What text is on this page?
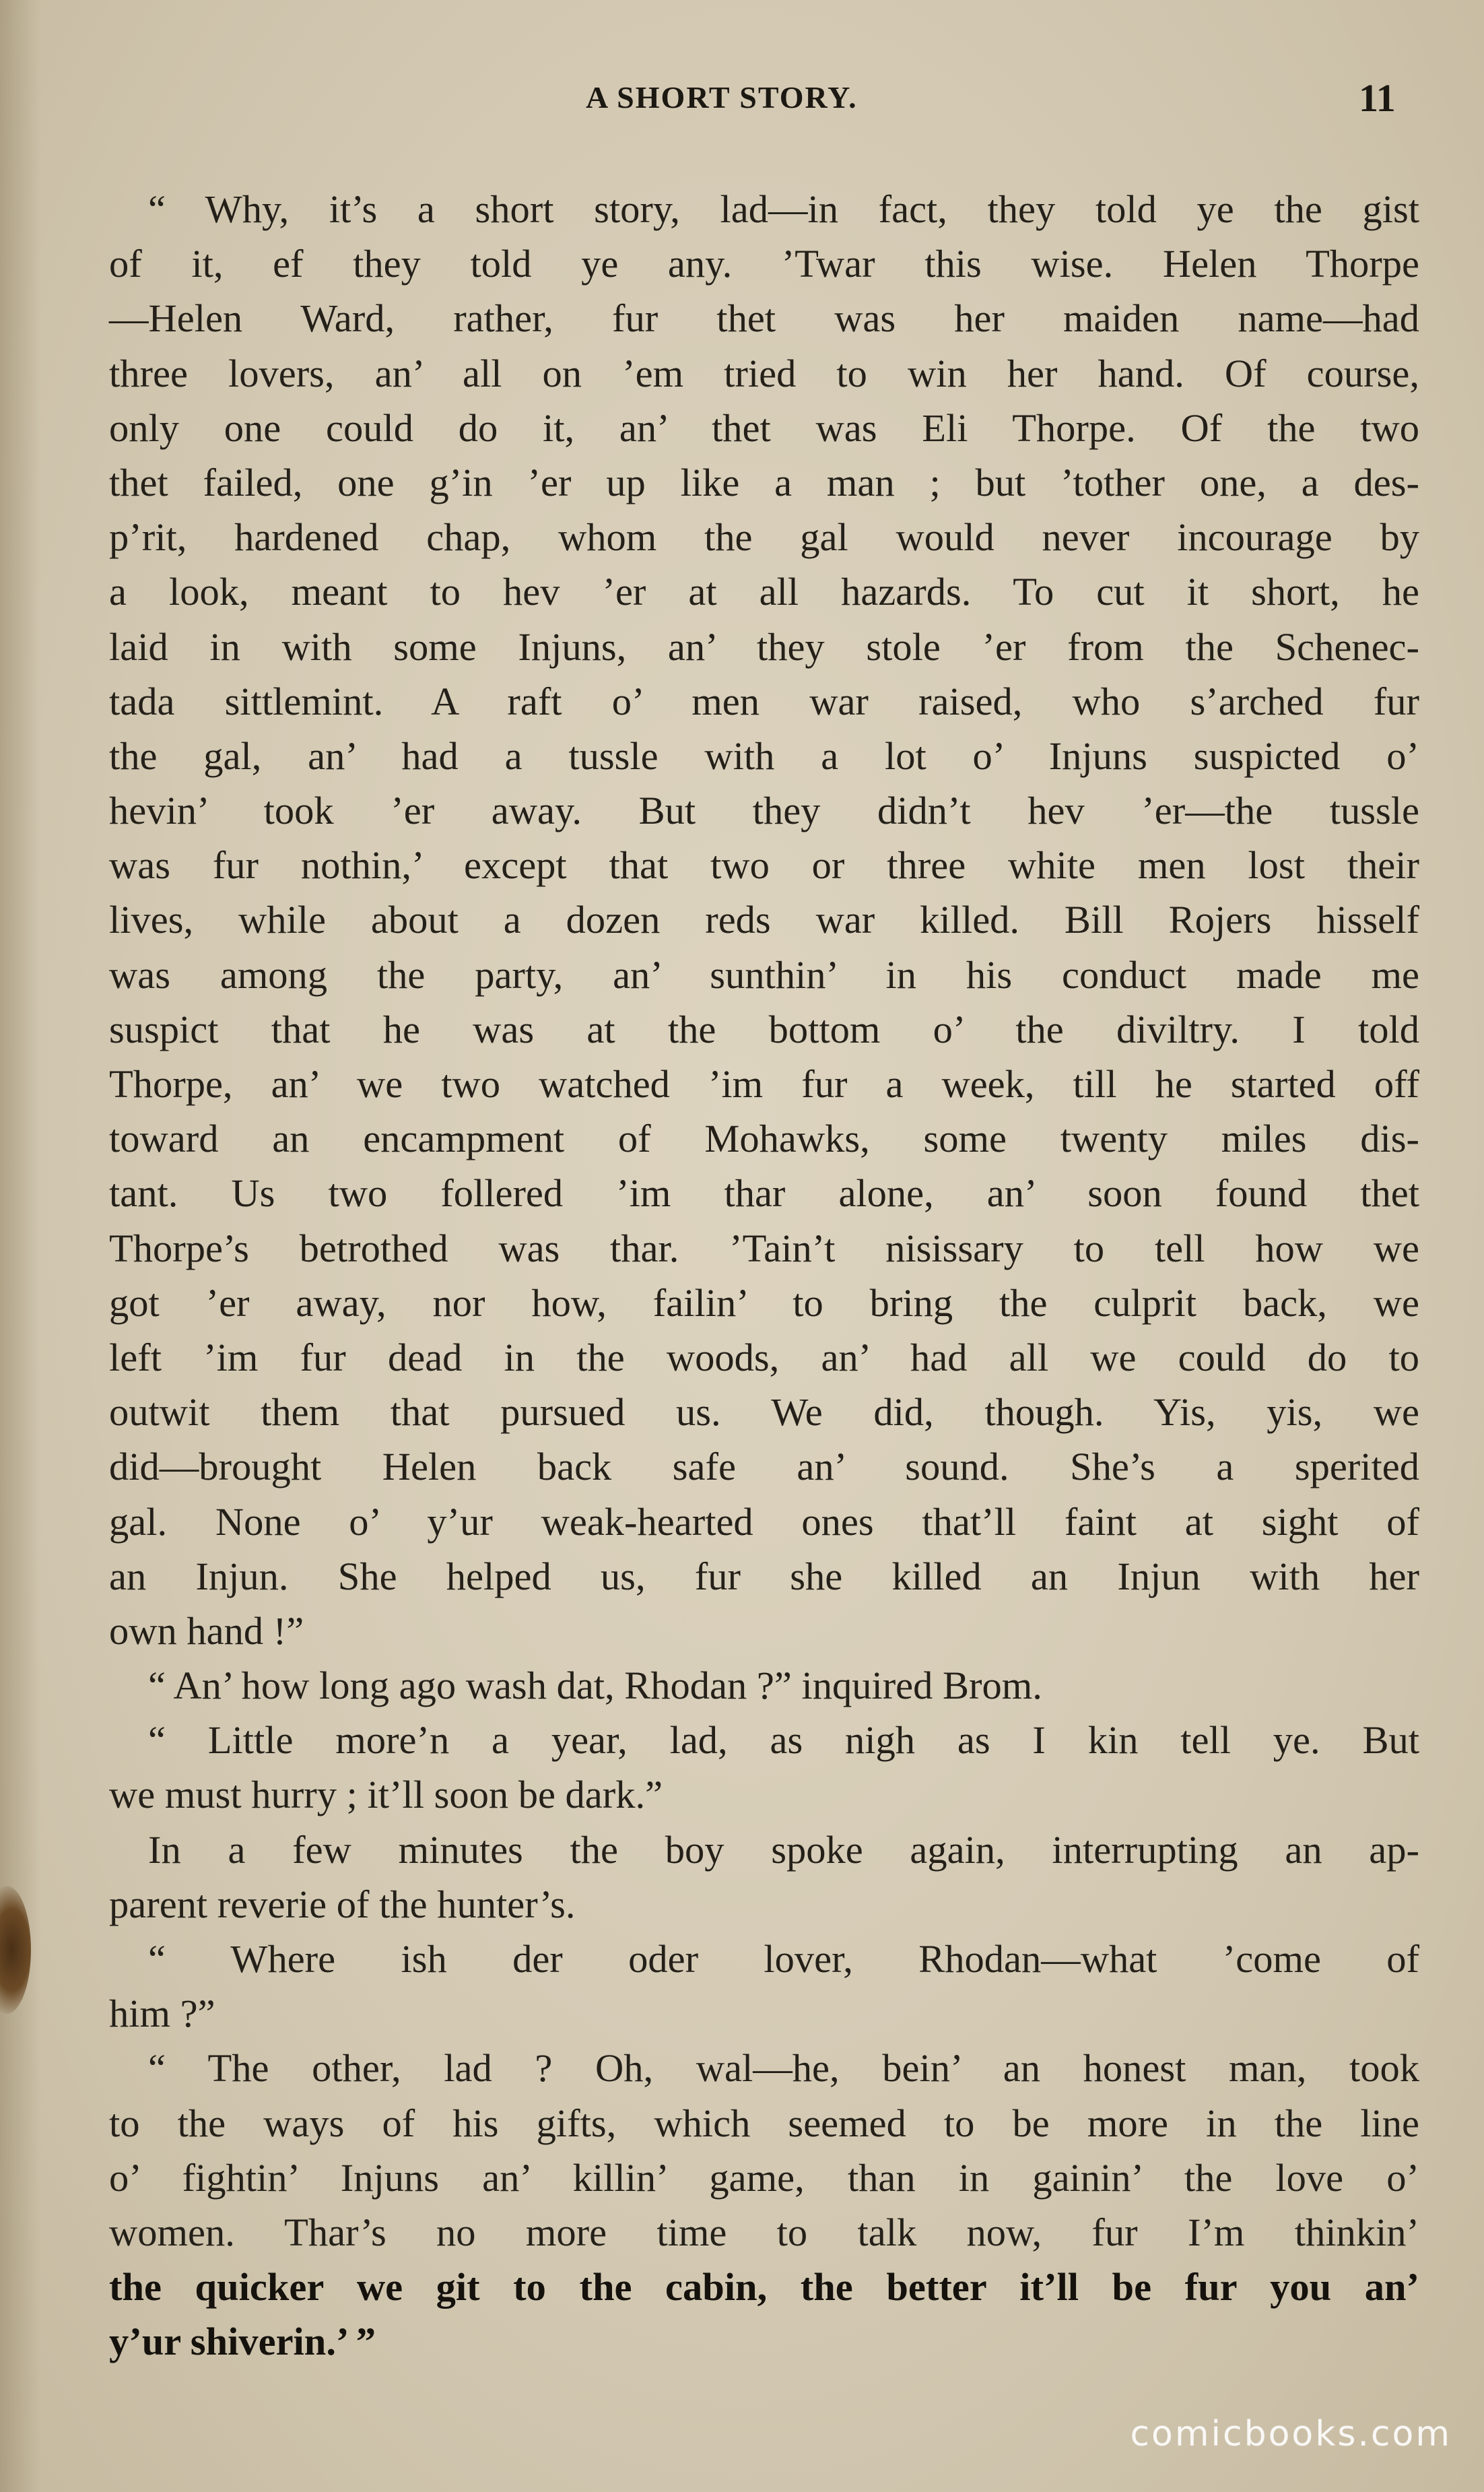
A SHORT STORY.	11
“ Why, it’s a short story, lad—in fact, they told ye the gist
of it, ef they told ye any. ’Twar this wise. Helen Thorpe
—Helen Ward, rather, fur thet was her maiden name—had
three lovers, an’ all on ’em tried to win her hand. Of course,
only one could do it, an’ thet was Eli Thorpe. Of the two
thet failed, one g’in ’er up like a man ; but ’tother one, a des-
p’rit, hardened chap, whom the gal would never incourage by
a look, meant to hev ’er at all hazards. To cut it short, he
laid in with some Injuns, an’ they stole ’er from the Schenec-
tada sittlemint. A raft o’ men war raised, who s’arched fur
the gal, an’ had a tussle with a lot o’ Injuns suspicted o’
hevin’ took ’er away. But they didn’t hev ’er—the tussle
was fur nothin,’ except that two or three white men lost their
lives, while about a dozen reds war killed. Bill Rojers hisself
was among the party, an’ sunthin’ in his conduct made me
suspict that he was at the bottom o’ the divilt​ry. I told
Thorpe, an’ we two watched ’im fur a week, till he started off
toward an encampment of Mohawks, some twenty miles dis-
tant. Us two follered ’im thar alone, an’ soon found thet
Thorpe’s betrothed was thar. ’Tain’t nisissary to tell how we
got ’er away, nor how, failin’ to bring the culprit back, we
left ’im fur dead in the woods, an’ had all we could do to
outwit them that pursued us. We did, though. Yis, yis, we
did—brought Helen back safe an’ sound. She’s a sperited
gal. None o’ y’ur weak-hearted ones that’ll faint at sight of
an Injun. She helped us, fur she killed an Injun with her
own hand !”
“ An’ how long ago wash dat, Rhodan ?” inquired Brom.
“ Little more’n a year, lad, as nigh as I kin tell ye. But
we must hurry ; it’ll soon be dark.”
In a few minutes the boy spoke again, interrupting an ap-
parent reverie of the hunter’s.
“ Where ish der oder lover, Rhodan—what ’come of
him ?”
“ The other, lad ? Oh, wal—he, bein’ an honest man, took
to the ways of his gifts, which seemed to be more in the line
o’ fightin’ Injuns an’ killin’ game, than in gainin’ the love o’
women. Thar’s no more time to talk now, fur I’m thinkin’
the quicker we git to the cabin, the better it’ll be fur you an’
y’ur shiverin.’ ”
comicbooks.com
